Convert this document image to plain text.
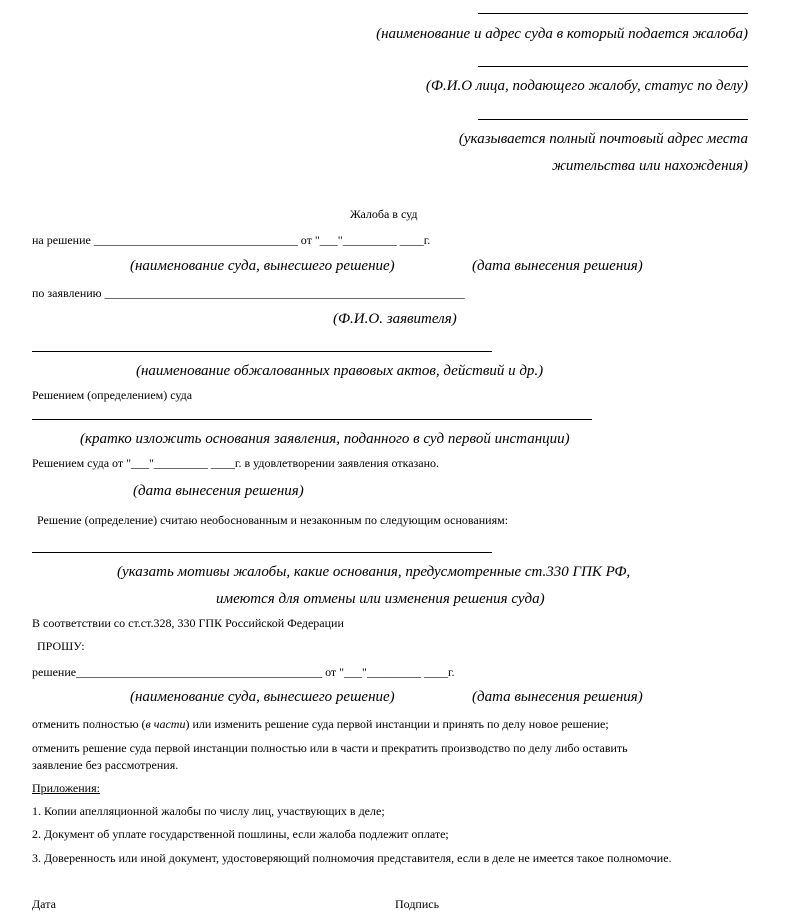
(наименование и адрес суда в который подается жалоба)
(Ф.И.О лица, подающего жалобу, статус по делу)
(указывается полный почтовый адрес места
жительства или нахождения)
Жалоба в суд
на решение __________________________________ от "___"_________ ____г.
(наименование суда, вынесшего решение)	(дата вынесения решения)
по заявлению ____________________________________________________________
(Ф.И.О. заявителя)
(наименование обжалованных правовых актов, действий и др.)
Решением (определением) суда
(кратко изложить основания заявления, поданного в суд первой инстанции)
Решением суда от "___"_________ ____г. в удовлетворении заявления отказано.
(дата вынесения решения)
Решение (определение) считаю необоснованным и незаконным по следующим основаниям:
(указать мотивы жалобы, какие основания, предусмотренные ст.330 ГПК РФ,
имеются для отмены или изменения решения суда)
В соответствии со ст.ст.328, 330 ГПК Российской Федерации
ПРОШУ:
решение_________________________________________ от "___"_________ ____г.
(наименование суда, вынесшего решение)	(дата вынесения решения)
отменить полностью (в части) или изменить решение суда первой инстанции и принять по делу новое решение;
отменить решение суда первой инстанции полностью или в части и прекратить производство по делу либо оставить
заявление без рассмотрения.
Приложения:
1. Копии апелляционной жалобы по числу лиц, участвующих в деле;
2. Документ об уплате государственной пошлины, если жалоба подлежит оплате;
3. Доверенность или иной документ, удостоверяющий полномочия представителя, если в деле не имеется такое полномочие.
Дата	Подпись
